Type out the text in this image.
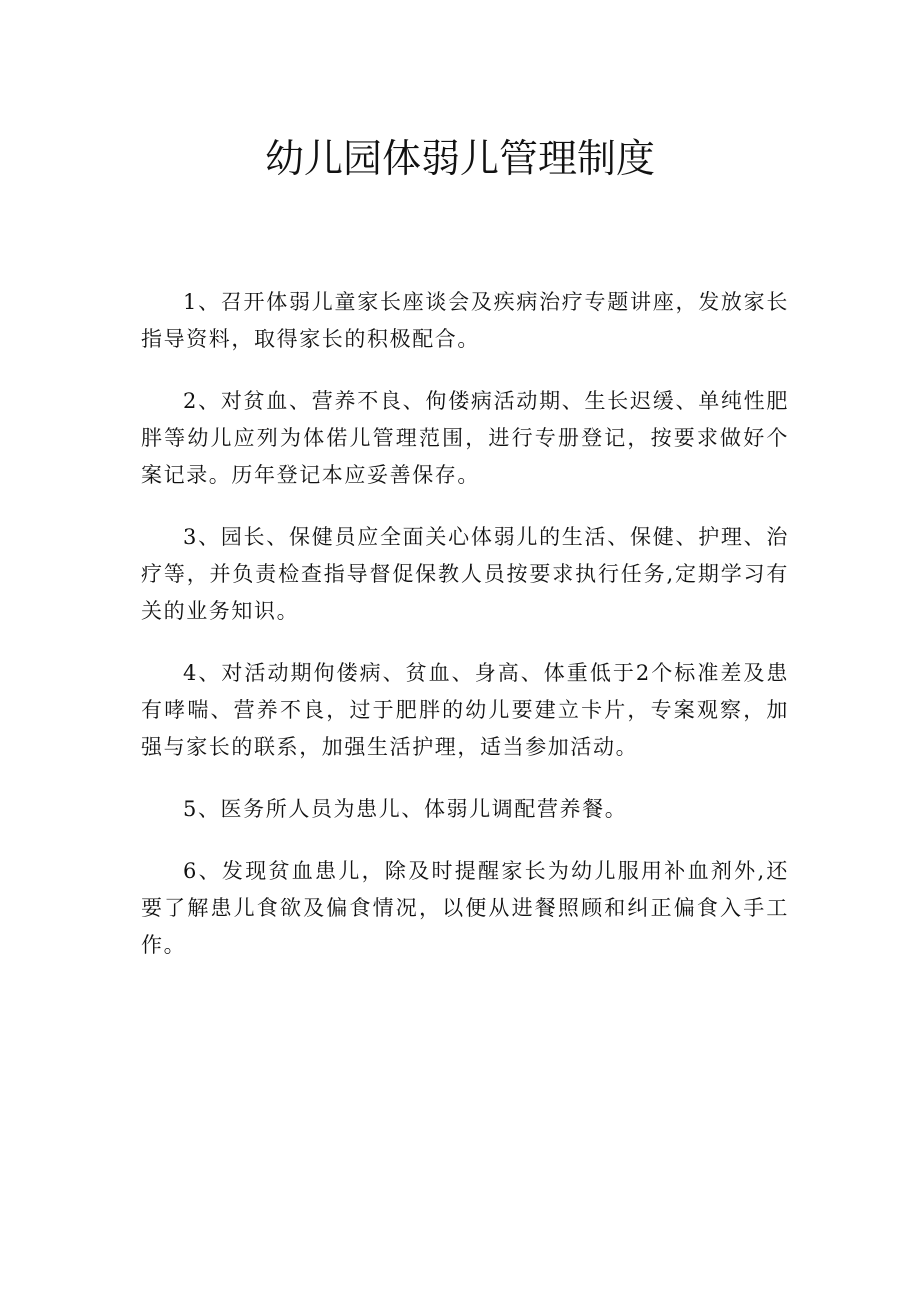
幼儿园体弱儿管理制度

1、召开体弱儿童家长座谈会及疾病治疗专题讲座，发放家长指导资料，取得家长的积极配合。

2、对贫血、营养不良、佝偻病活动期、生长迟缓、单纯性肥胖等幼儿应列为体偌儿管理范围，进行专册登记，按要求做好个案记录。历年登记本应妥善保存。

3、园长、保健员应全面关心体弱儿的生活、保健、护理、治疗等，并负责检查指导督促保教人员按要求执行任务,定期学习有关的业务知识。

4、对活动期佝偻病、贫血、身高、体重低于2个标准差及患有哮喘、营养不良，过于肥胖的幼儿要建立卡片，专案观察，加强与家长的联系，加强生活护理，适当参加活动。

5、医务所人员为患儿、体弱儿调配营养餐。

6、发现贫血患儿，除及时提醒家长为幼儿服用补血剂外,还要了解患儿食欲及偏食情况，以便从进餐照顾和纠正偏食入手工作。
